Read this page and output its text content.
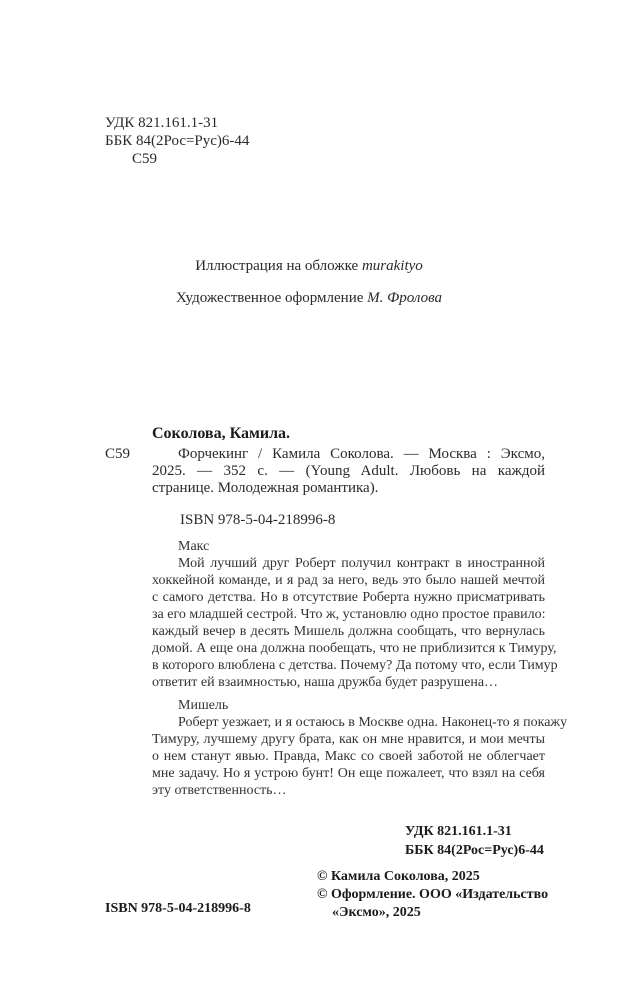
УДК 821.161.1-31
ББК 84(2Рос=Рус)6-44
С59
Иллюстрация на обложке murakityo
Художественное оформление М. Фролова
Соколова, Камила.
С59	Форчекинг / Камила Соколова. — Москва : Эксмо,
2025. — 352 с. — (Young Adult. Любовь на каждой
странице. Молодежная романтика).
ISBN 978-5-04-218996-8
Макс
Мой лучший друг Роберт получил контракт в иностранной
хоккейной команде, и я рад за него, ведь это было нашей мечтой
с самого детства. Но в отсутствие Роберта нужно присматривать
за его младшей сестрой. Что ж, установлю одно простое правило:
каждый вечер в десять Мишель должна сообщать, что вернулась
домой. А еще она должна пообещать, что не приблизится к Тимуру,
в которого влюблена с детства. Почему? Да потому что, если Тимур
ответит ей взаимностью, наша дружба будет разрушена…
Мишель
Роберт уезжает, и я остаюсь в Москве одна. Наконец-то я покажу
Тимуру, лучшему другу брата, как он мне нравится, и мои мечты
о нем станут явью. Правда, Макс со своей заботой не облегчает
мне задачу. Но я устрою бунт! Он еще пожалеет, что взял на себя
эту ответственность…
УДК 821.161.1-31
ББК 84(2Рос=Рус)6-44
© Камила Соколова, 2025
© Оформление. ООО «Издательство
«Эксмо», 2025
ISBN 978-5-04-218996-8
